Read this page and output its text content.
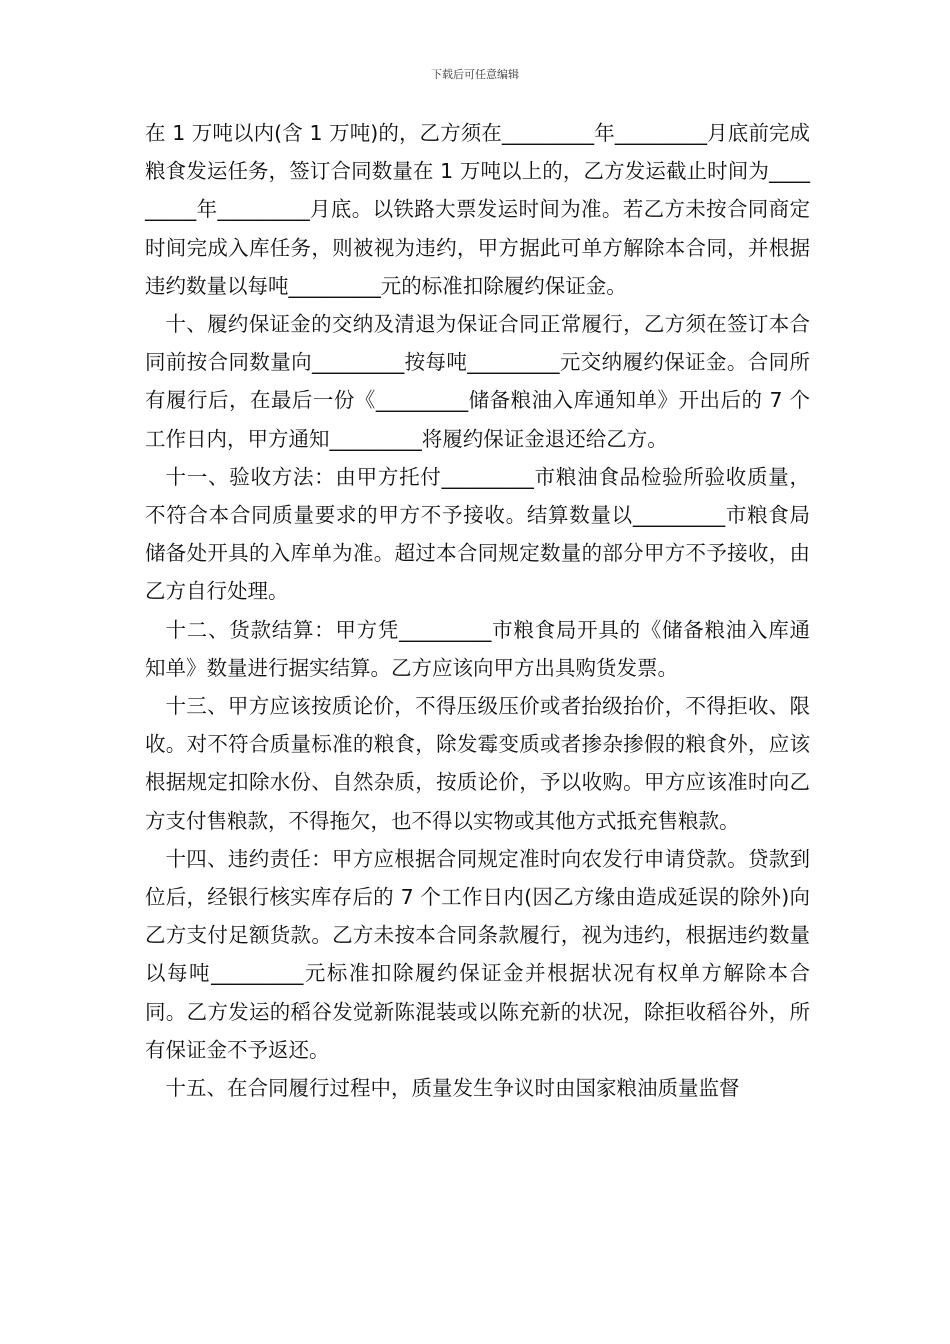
下载后可任意编辑

在 1 万吨以内(含 1 万吨)的，乙方须在_________年_________月底前完成粮食发运任务，签订合同数量在 1 万吨以上的，乙方发运截止时间为_________年_________月底。以铁路大票发运时间为准。若乙方未按合同商定时间完成入库任务，则被视为违约，甲方据此可单方解除本合同，并根据违约数量以每吨_________元的标准扣除履约保证金。

十、履约保证金的交纳及清退为保证合同正常履行，乙方须在签订本合同前按合同数量向_________按每吨_________元交纳履约保证金。合同所有履行后，在最后一份《_________储备粮油入库通知单》开出后的 7 个工作日内，甲方通知_________将履约保证金退还给乙方。

十一、验收方法：由甲方托付_________市粮油食品检验所验收质量，不符合本合同质量要求的甲方不予接收。结算数量以_________市粮食局储备处开具的入库单为准。超过本合同规定数量的部分甲方不予接收，由乙方自行处理。

十二、货款结算：甲方凭_________市粮食局开具的《储备粮油入库通知单》数量进行据实结算。乙方应该向甲方出具购货发票。

十三、甲方应该按质论价，不得压级压价或者抬级抬价，不得拒收、限收。对不符合质量标准的粮食，除发霉变质或者掺杂掺假的粮食外，应该根据规定扣除水份、自然杂质，按质论价，予以收购。甲方应该准时向乙方支付售粮款，不得拖欠，也不得以实物或其他方式抵充售粮款。

十四、违约责任：甲方应根据合同规定准时向农发行申请贷款。贷款到位后，经银行核实库存后的 7 个工作日内(因乙方缘由造成延误的除外)向乙方支付足额货款。乙方未按本合同条款履行，视为违约，根据违约数量以每吨_________元标准扣除履约保证金并根据状况有权单方解除本合同。乙方发运的稻谷发觉新陈混装或以陈充新的状况，除拒收稻谷外，所有保证金不予返还。

十五、在合同履行过程中，质量发生争议时由国家粮油质量监督
